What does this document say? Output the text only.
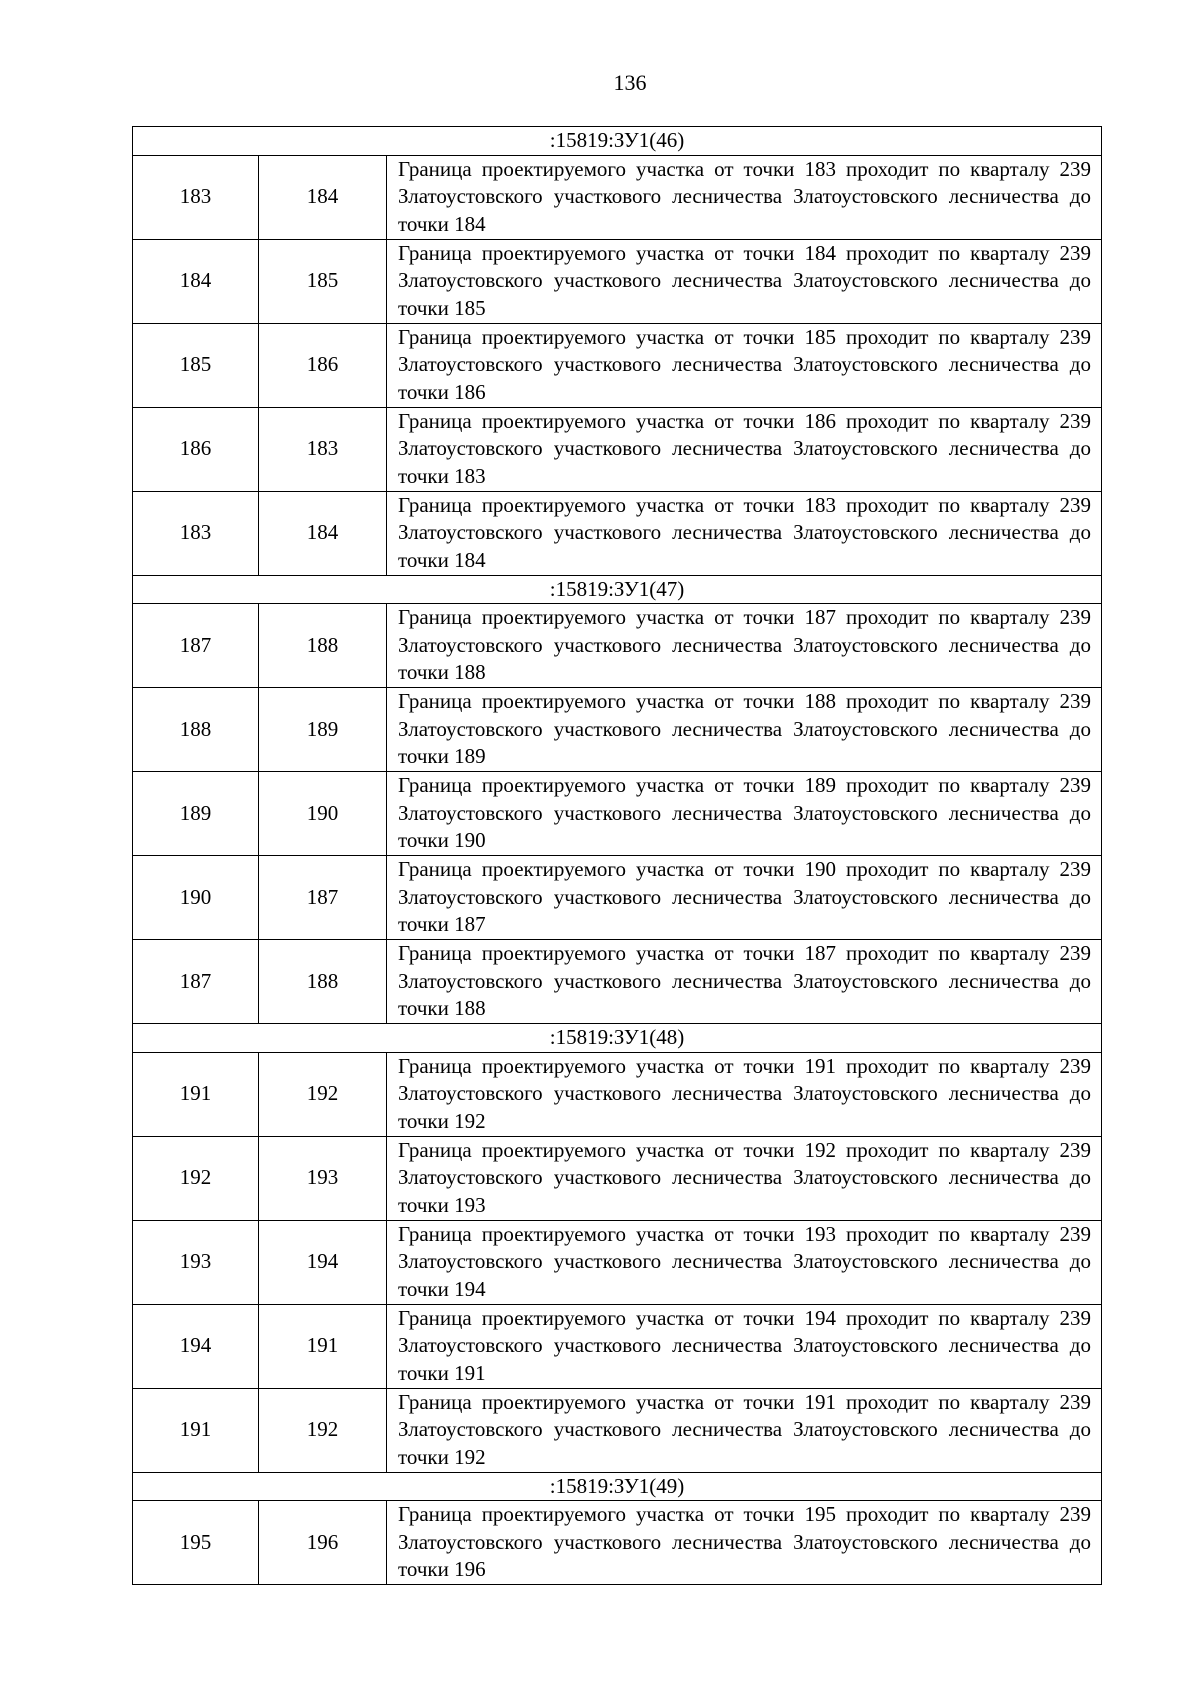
136
:15819:ЗУ1(46)		
183	184	Граница проектируемого участка от точки 183 проходит по кварталу 239 Златоустовского участкового лесничества Златоустовского лесничества до точки 184
184	185	Граница проектируемого участка от точки 184 проходит по кварталу 239 Златоустовского участкового лесничества Златоустовского лесничества до точки 185
185	186	Граница проектируемого участка от точки 185 проходит по кварталу 239 Златоустовского участкового лесничества Златоустовского лесничества до точки 186
186	183	Граница проектируемого участка от точки 186 проходит по кварталу 239 Златоустовского участкового лесничества Златоустовского лесничества до точки 183
183	184	Граница проектируемого участка от точки 183 проходит по кварталу 239 Златоустовского участкового лесничества Златоустовского лесничества до точки 184
:15819:ЗУ1(47)		
187	188	Граница проектируемого участка от точки 187 проходит по кварталу 239 Златоустовского участкового лесничества Златоустовского лесничества до точки 188
188	189	Граница проектируемого участка от точки 188 проходит по кварталу 239 Златоустовского участкового лесничества Златоустовского лесничества до точки 189
189	190	Граница проектируемого участка от точки 189 проходит по кварталу 239 Златоустовского участкового лесничества Златоустовского лесничества до точки 190
190	187	Граница проектируемого участка от точки 190 проходит по кварталу 239 Златоустовского участкового лесничества Златоустовского лесничества до точки 187
187	188	Граница проектируемого участка от точки 187 проходит по кварталу 239 Златоустовского участкового лесничества Златоустовского лесничества до точки 188
:15819:ЗУ1(48)		
191	192	Граница проектируемого участка от точки 191 проходит по кварталу 239 Златоустовского участкового лесничества Златоустовского лесничества до точки 192
192	193	Граница проектируемого участка от точки 192 проходит по кварталу 239 Златоустовского участкового лесничества Златоустовского лесничества до точки 193
193	194	Граница проектируемого участка от точки 193 проходит по кварталу 239 Златоустовского участкового лесничества Златоустовского лесничества до точки 194
194	191	Граница проектируемого участка от точки 194 проходит по кварталу 239 Златоустовского участкового лесничества Златоустовского лесничества до точки 191
191	192	Граница проектируемого участка от точки 191 проходит по кварталу 239 Златоустовского участкового лесничества Златоустовского лесничества до точки 192
:15819:ЗУ1(49)		
195	196	Граница проектируемого участка от точки 195 проходит по кварталу 239 Златоустовского участкового лесничества Златоустовского лесничества до точки 196
